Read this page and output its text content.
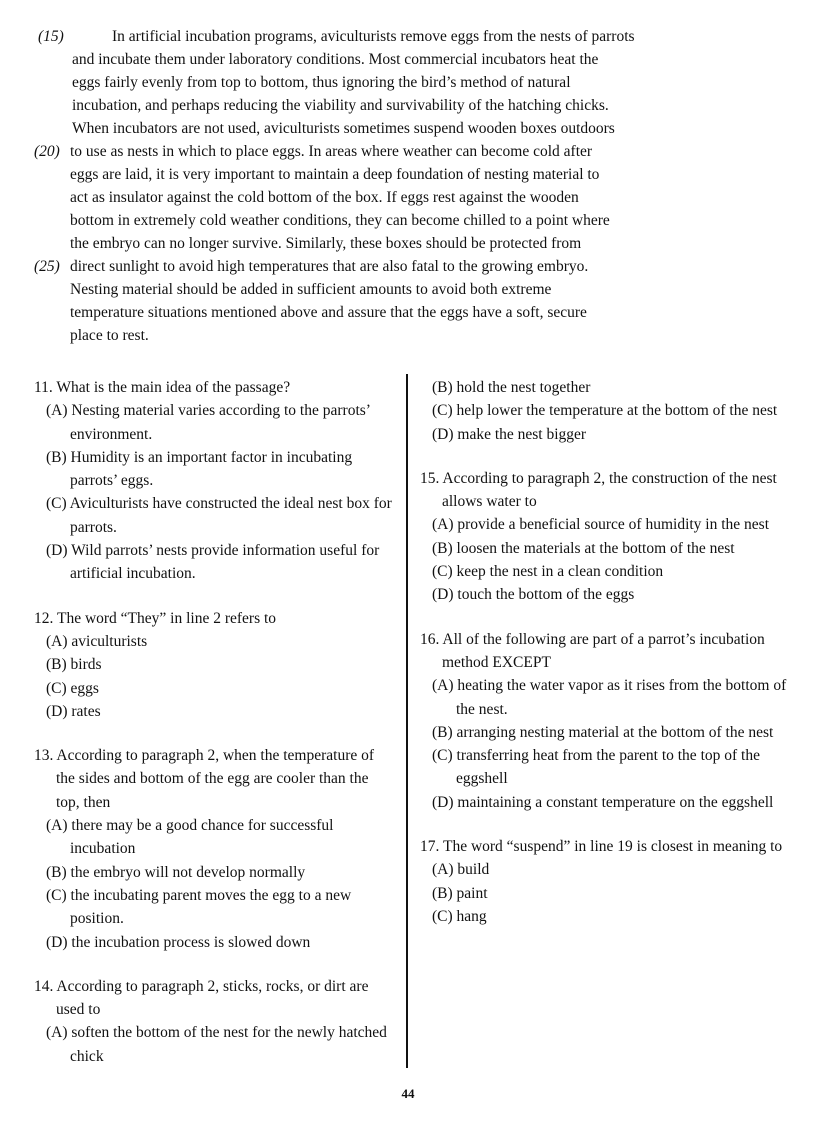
(15)	In artificial incubation programs, aviculturists remove eggs from the nests of parrots
and incubate them under laboratory conditions. Most commercial incubators heat the
eggs fairly evenly from top to bottom, thus ignoring the bird’s method of natural
incubation, and perhaps reducing the viability and survivability of the hatching chicks.
When incubators are not used, aviculturists sometimes suspend wooden boxes outdoors
(20) to use as nests in which to place eggs. In areas where weather can become cold after
eggs are laid, it is very important to maintain a deep foundation of nesting material to
act as insulator against the cold bottom of the box. If eggs rest against the wooden
bottom in extremely cold weather conditions, they can become chilled to a point where
the embryo can no longer survive. Similarly, these boxes should be protected from
(25) direct sunlight to avoid high temperatures that are also fatal to the growing embryo.
Nesting material should be added in sufficient amounts to avoid both extreme
temperature situations mentioned above and assure that the eggs have a soft, secure
place to rest.
11. What is the main idea of the passage?
(A) Nesting material varies according to the parrots’ environment.
(B) Humidity is an important factor in incubating parrots’ eggs.
(C) Aviculturists have constructed the ideal nest box for parrots.
(D) Wild parrots’ nests provide information useful for artificial incubation.
12. The word “They” in line 2 refers to
(A) aviculturists
(B) birds
(C) eggs
(D) rates
13. According to paragraph 2, when the temperature of the sides and bottom of the egg are cooler than the top, then
(A) there may be a good chance for successful incubation
(B) the embryo will not develop normally
(C) the incubating parent moves the egg to a new position.
(D) the incubation process is slowed down
14. According to paragraph 2, sticks, rocks, or dirt are used to
(A) soften the bottom of the nest for the newly hatched chick
(B) hold the nest together
(C) help lower the temperature at the bottom of the nest
(D) make the nest bigger
15. According to paragraph 2, the construction of the nest allows water to
(A) provide a beneficial source of humidity in the nest
(B) loosen the materials at the bottom of the nest
(C) keep the nest in a clean condition
(D) touch the bottom of the eggs
16. All of the following are part of a parrot’s incubation method EXCEPT
(A) heating the water vapor as it rises from the bottom of the nest.
(B) arranging nesting material at the bottom of the nest
(C) transferring heat from the parent to the top of the eggshell
(D) maintaining a constant temperature on the eggshell
17. The word “suspend” in line 19 is closest in meaning to
(A) build
(B) paint
(C) hang
44
